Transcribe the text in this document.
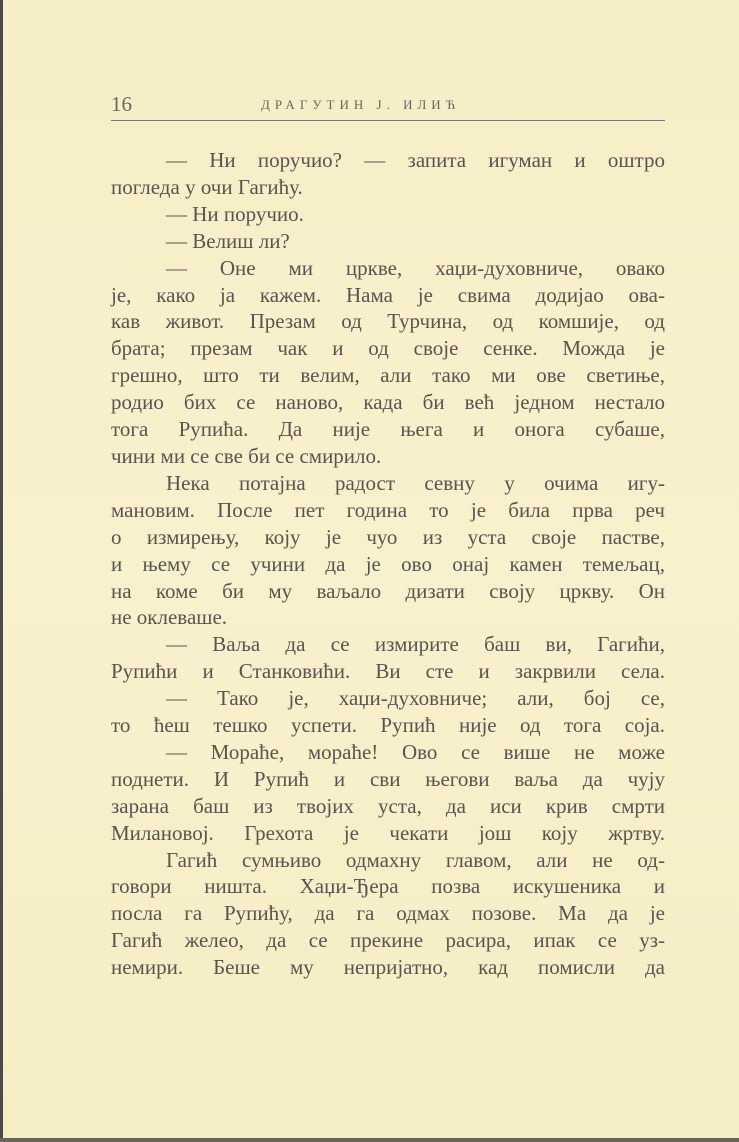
16	ДРАГУТИН Ј. ИЛИЋ

— Ни поручио? — запита игуман и оштро

погледа у очи Гагићу.

— Ни поручио.

— Велиш ли?

— Оне ми цркве, хаџи-духовниче, овако

је, како ја кажем. Нама је свима додијао ова-

кав живот. Презам од Турчина, од комшије, од

брата; презам чак и од своје сенке. Можда је

грешно, што ти велим, али тако ми ове светиње,

родио бих се наново, када би већ једном нестало

тога Рупића. Да није њега и онога субаше,

чини ми се све би се смирило.

Нека потајна радост севну у очима игу-

мановим. После пет година то је била прва реч

о измирењу, коју је чуо из уста своје пастве,

и њему се учини да је ово онај камен темељац,

на коме би му ваљало дизати своју цркву. Он

не оклеваше.

— Ваља да се измирите баш ви, Гагићи,

Рупићи и Станковићи. Ви сте и закрвили села.

— Тако је, хаџи-духовниче; али, бој се,

то ћеш тешко успети. Рупић није од тога соја.

— Мораће, мораће! Ово се више не може

поднети. И Рупић и сви његови ваља да чују

зарана баш из твојих уста, да иси крив смрти

Милановој. Грехота је чекати још коју жртву.

Гагић сумњиво одмахну главом, али не од-

говори ништа. Хаџи-Ђера позва искушеника и

посла га Рупићу, да га одмах позове. Ма да је

Гагић желео, да се прекине расира, ипак се уз-

немири. Беше му непријатно, кад помисли да
